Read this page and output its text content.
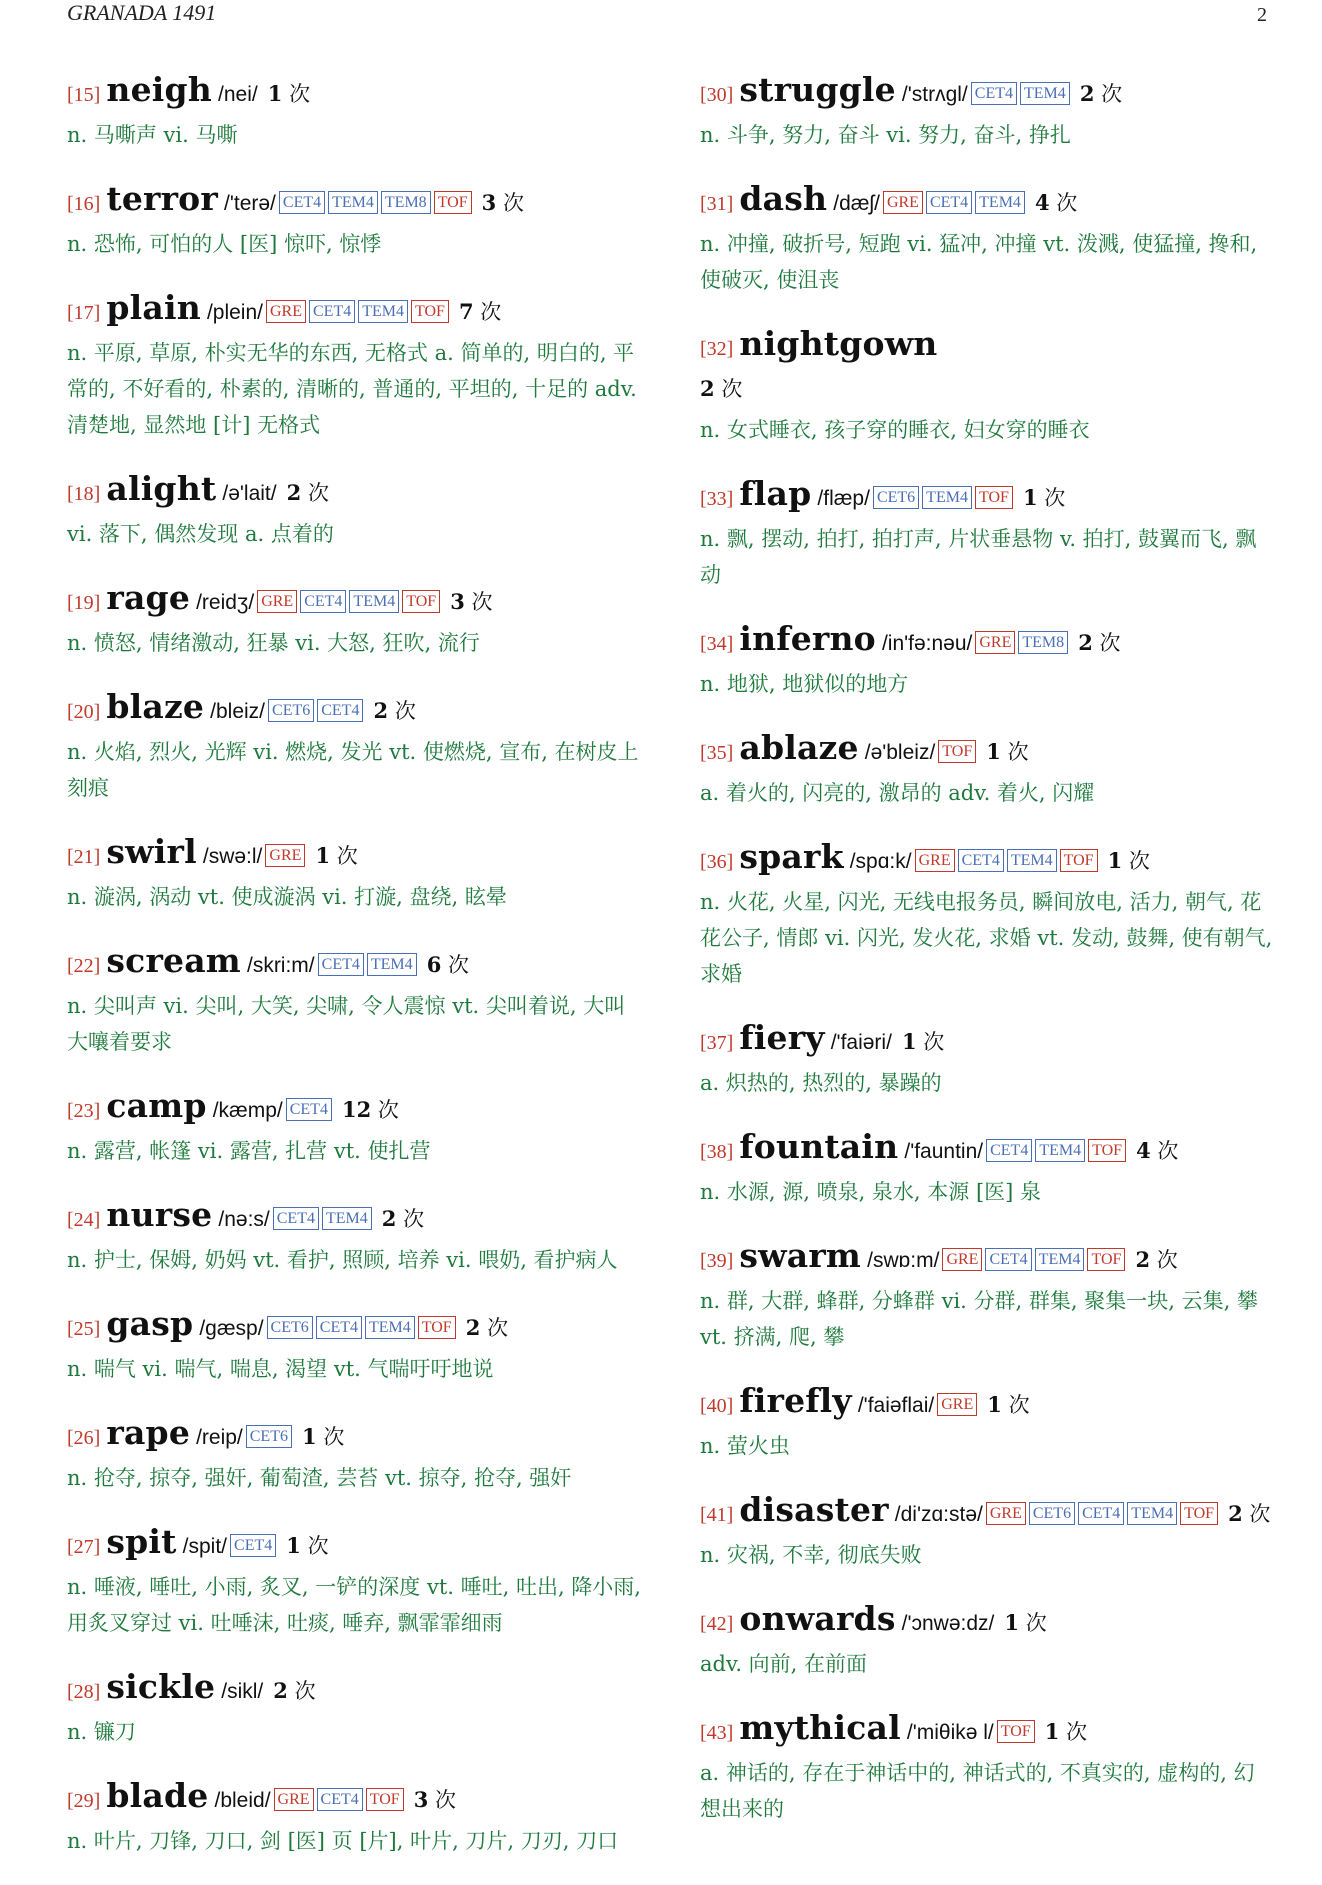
GRANADA 1491	2
[15] neigh /nei/ 1 次
n. 马嘶声 vi. 马嘶
[16] terror /'terə/ CET4 TEM4 TEM8 TOF 3 次
n. 恐怖, 可怕的人 [医] 惊吓, 惊悸
[17] plain /plein/ GRE CET4 TEM4 TOF 7 次
n. 平原, 草原, 朴实无华的东西, 无格式 a. 简单的, 明白的, 平常的, 不好看的, 朴素的, 清晰的, 普通的, 平坦的, 十足的 adv. 清楚地, 显然地 [计] 无格式
[18] alight /ə'lait/ 2 次
vi. 落下, 偶然发现 a. 点着的
[19] rage /reidʒ/ GRE CET4 TEM4 TOF 3 次
n. 愤怒, 情绪激动, 狂暴 vi. 大怒, 狂吹, 流行
[20] blaze /bleiz/ CET6 CET4 2 次
n. 火焰, 烈火, 光辉 vi. 燃烧, 发光 vt. 使燃烧, 宣布, 在树皮上刻痕
[21] swirl /swə:l/ GRE 1 次
n. 漩涡, 涡动 vt. 使成漩涡 vi. 打漩, 盘绕, 眩晕
[22] scream /skri:m/ CET4 TEM4 6 次
n. 尖叫声 vi. 尖叫, 大笑, 尖啸, 令人震惊 vt. 尖叫着说, 大叫大嚷着要求
[23] camp /kæmp/ CET4 12 次
n. 露营, 帐篷 vi. 露营, 扎营 vt. 使扎营
[24] nurse /nə:s/ CET4 TEM4 2 次
n. 护士, 保姆, 奶妈 vt. 看护, 照顾, 培养 vi. 喂奶, 看护病人
[25] gasp /gæsp/ CET6 CET4 TEM4 TOF 2 次
n. 喘气 vi. 喘气, 喘息, 渴望 vt. 气喘吁吁地说
[26] rape /reip/ CET6 1 次
n. 抢夺, 掠夺, 强奸, 葡萄渣, 芸苔 vt. 掠夺, 抢夺, 强奸
[27] spit /spit/ CET4 1 次
n. 唾液, 唾吐, 小雨, 炙叉, 一铲的深度 vt. 唾吐, 吐出, 降小雨, 用炙叉穿过 vi. 吐唾沫, 吐痰, 唾弃, 飘霏霏细雨
[28] sickle /sikl/ 2 次
n. 镰刀
[29] blade /bleid/ GRE CET4 TOF 3 次
n. 叶片, 刀锋, 刀口, 剑 [医] 页 [片], 叶片, 刀片, 刀刃, 刀口
[30] struggle /'strʌgl/ CET4 TEM4 2 次
n. 斗争, 努力, 奋斗 vi. 努力, 奋斗, 挣扎
[31] dash /dæʃ/ GRE CET4 TEM4 4 次
n. 冲撞, 破折号, 短跑 vi. 猛冲, 冲撞 vt. 泼溅, 使猛撞, 搀和, 使破灭, 使沮丧
[32] nightgown
2 次
n. 女式睡衣, 孩子穿的睡衣, 妇女穿的睡衣
[33] flap /flæp/ CET6 TEM4 TOF 1 次
n. 飘, 摆动, 拍打, 拍打声, 片状垂悬物 v. 拍打, 鼓翼而飞, 飘动
[34] inferno /in'fə:nəu/ GRE TEM8 2 次
n. 地狱, 地狱似的地方
[35] ablaze /ə'bleiz/ TOF 1 次
a. 着火的, 闪亮的, 激昂的 adv. 着火, 闪耀
[36] spark /spɑ:k/ GRE CET4 TEM4 TOF 1 次
n. 火花, 火星, 闪光, 无线电报务员, 瞬间放电, 活力, 朝气, 花花公子, 情郎 vi. 闪光, 发火花, 求婚 vt. 发动, 鼓舞, 使有朝气, 求婚
[37] fiery /'faiəri/ 1 次
a. 炽热的, 热烈的, 暴躁的
[38] fountain /'fauntin/ CET4 TEM4 TOF 4 次
n. 水源, 源, 喷泉, 泉水, 本源 [医] 泉
[39] swarm /swɒ:m/ GRE CET4 TEM4 TOF 2 次
n. 群, 大群, 蜂群, 分蜂群 vi. 分群, 群集, 聚集一块, 云集, 攀 vt. 挤满, 爬, 攀
[40] firefly /'faiəflai/ GRE 1 次
n. 萤火虫
[41] disaster /di'zɑ:stə/ GRE CET6 CET4 TEM4 TOF 2 次
n. 灾祸, 不幸, 彻底失败
[42] onwards /'ɔnwə:dz/ 1 次
adv. 向前, 在前面
[43] mythical /'miθikə l/ TOF 1 次
a. 神话的, 存在于神话中的, 神话式的, 不真实的, 虚构的, 幻想出来的
